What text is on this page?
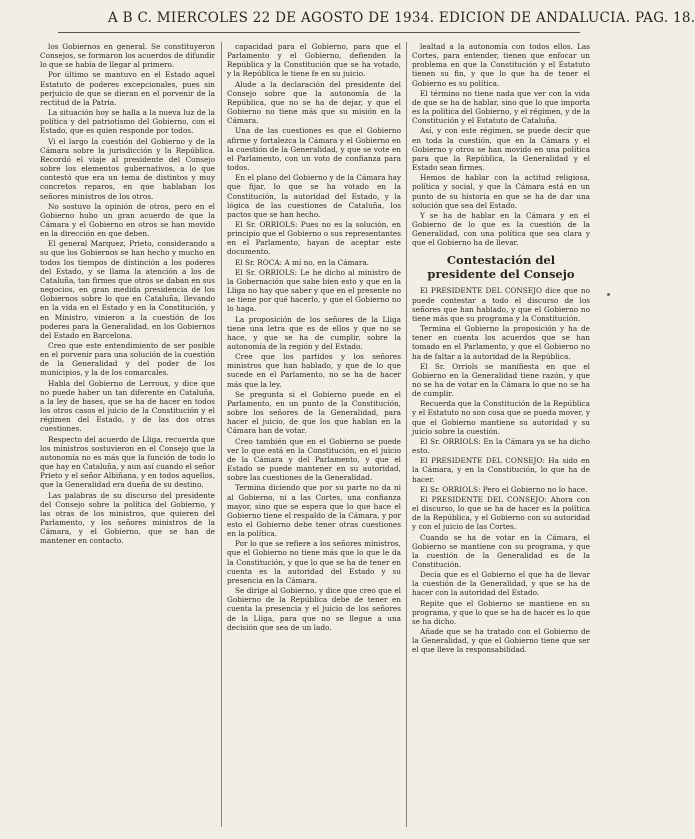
A B C. MIERCOLES 22 DE AGOSTO DE 1934. EDICION DE ANDALUCIA. PAG. 18.

los Gobiernos en general. Se constituyeron Consejos, se formaron los acuerdos de difundir lo que se había de llegar al primero.

Por último se mantuvo en el Estado aquel Estatuto de poderes excepcionales, pues sin perjuicio de que se dieran en el porvenir de la rectitud de la Patria.

La situación hoy se halla a la nueva luz de la política y del patriotismo del Gobierno, con el Estado, que es quien responde por todos.

Vi el largo la cuestión del Gobierno y de la Cámara sobre la jurisdicción y la República. Recordó el viaje al presidente del Consejo sobre los elementos gubernativos, a lo que contestó que era un tema de distintos y muy concretos reparos, en que hablaban los señores ministros de los otros.

No sostuvo la opinión de otros, pero en el Gobierno hubo un gran acuerdo de que la Cámara y el Gobierno en otros se han movido en la dirección en que deben.

El general Marquez, Prieto, considerando a su que los Gobiernos se han hecho y mucho en todos los tiempos de distinción a los poderes del Estado, y se llama la atención a los de Cataluña, tan firmes que otros se daban en sus negocios, en gran medida presidencia de los Gobiernos sobre lo que en Cataluña, llevando en la vida en el Estado y en la Constitución, y en Ministro, vinieron a la cuestión de los poderes para la Generalidad, en los Gobiernos del Estado en Barcelona.

Creo que este entendimiento de ser posible en el porvenir para una solución de la cuestión de la Generalidad y del poder de los municipios, y la de los comarcales.

Habla del Gobierno de Lerroux, y dice que no puede haber un tan diferente en Cataluña, a la ley de bases, que se ha de hacer en todos los otros casos el juicio de la Constitución y el régimen del Estado, y de las dos otras cuestiones.

Respecto del acuerdo de Lliga, recuerda que los ministros sostuvieron en el Consejo que la autonomía no es más que la función de todo lo que hay en Cataluña, y aun así cuando el señor Prieto y el señor Albiñana, y en todos aquellos, que la Generalidad era dueña de su destino.

Las palabras de su discurso del presidente del Consejo sobre la política del Gobierno, y las otras de los ministros, que quieren del Parlamento, y los señores ministros de la Cámara, y el Gobierno, que se han de mantener en contacto.

capacidad para el Gobierno, para que el Parlamento y el Gobierno, defienden la República y la Constitución que se ha votado, y la República le tiene fe en su juicio.

Alude a la declaración del presidente del Consejo sobre que la autonomía de la República, que no se ha de dejar, y que el Gobierno no tiene más que su misión en la Cámara.

Una de las cuestiones es que el Gobierno afirme y fortalezca la Cámara y el Gobierno en la cuestión de la Generalidad, y que se vote en el Parlamento, con un voto de confianza para todos.

En el plano del Gobierno y de la Cámara hay que fijar, lo que se ha votado en la Constitución, la autoridad del Estado, y la lógica de las cuestiones de Cataluña, los pactos que se han hecho.

El Sr. ORRIOLS: Pues no es la solución, en principio que el Gobierno o sus representantes en el Parlamento, hayan de aceptar este documento.

El Sr. ROCA: A mí no, en la Cámara.

El Sr. ORRIOLS: Le he dicho al ministro de la Gobernación que sabe bien esto y que en la Lliga no hay que saber y que en el presente no se tiene por qué hacerlo, y que el Gobierno no lo haga.

La proposición de los señores de la Lliga tiene una letra que es de ellos y que no se hace, y que se ha de cumplir, sobre la autonomía de la región y del Estado.

Cree que los partidos y los señores ministros que han hablado, y que de lo que sucede en el Parlamento, no se ha de hacer más que la ley.

Se pregunta si el Gobierno puede en el Parlamento, en un punto de la Constitución, sobre los señores de la Generalidad, para hacer el juicio, de que los que hablan en la Cámara han de votar.

Creo también que en el Gobierno se puede ver lo que está en la Constitución, en el juicio de la Cámara y del Parlamento, y que el Estado se puede mantener en su autoridad, sobre las cuestiones de la Generalidad.

Termina diciendo que por su parte no da ni al Gobierno, ni a las Cortes, una confianza mayor, sino que se espera que lo que hace el Gobierno tiene el respaldo de la Cámara, y por esto el Gobierno debe tener otras cuestiones en la política.

Por lo que se refiere a los señores ministros, que el Gobierno no tiene más que lo que le da la Constitución, y que lo que se ha de tener en cuenta es la autoridad del Estado y su presencia en la Cámara.

Se dirige al Gobierno, y dice que creo que el Gobierno de la República debe de tener en cuenta la presencia y el juicio de los señores de la Lliga, para que no se llegue a una decisión que sea de un lado.

lealtad a la autonomía con todos ellos. Las Cortes, para entender, tienen que enfocar un problema en que la Constitución y el Estatuto tienen su fin, y que lo que ha de tener el Gobierno es su política.

El término no tiene nada que ver con la vida de que se ha de hablar, sino que lo que importa es la política del Gobierno, y el régimen, y de la Constitución y el Estatuto de Cataluña.

Así, y con este régimen, se puede decir que en toda la cuestión, que en la Cámara y el Gobierno y otros se han movido en una política para que la República, la Generalidad y el Estado sean firmes.

Hemos de hablar con la actitud religiosa, política y social, y que la Cámara está en un punto de su historia en que se ha de dar una solución que sea del Estado.

Y se ha de hablar en la Cámara y en el Gobierno de lo que es la cuestión de la Generalidad, con una política que sea clara y que el Gobierno ha de llevar.

Contestación del presidente del Consejo

El PRESIDENTE DEL CONSEJO dice que no puede contestar a todo el discurso de los señores que han hablado, y que el Gobierno no tiene más que su programa y la Constitución.

Termina el Gobierno la proposición y ha de tener en cuenta los acuerdos que se han tomado en el Parlamento, y que el Gobierno no ha de faltar a la autoridad de la República.

El Sr. Orriols se manifiesta en que el Gobierno en la Generalidad tiene razón, y que no se ha de votar en la Cámara lo que no se ha de cumplir.

Recuerda que la Constitución de la República y el Estatuto no son cosa que se pueda mover, y que el Gobierno mantiene su autoridad y su juicio sobre la cuestión.

El Sr. ORRIOLS: En la Cámara ya se ha dicho esto.

El PRESIDENTE DEL CONSEJO: Ha sido en la Cámara, y en la Constitución, lo que ha de hacer.

El Sr. ORRIOLS: Pero el Gobierno no lo hace.

El PRESIDENTE DEL CONSEJO: Ahora con el discurso, lo que se ha de hacer es la política de la República, y el Gobierno con su autoridad y con el juicio de las Cortes.

Cuando se ha de votar en la Cámara, el Gobierno se mantiene con su programa, y que la cuestión de la Generalidad es de la Constitución.

Decía que es el Gobierno el que ha de llevar la cuestión de la Generalidad, y que se ha de hacer con la autoridad del Estado.

Repite que el Gobierno se mantiene en su programa, y que lo que se ha de hacer es lo que se ha dicho.

Añade que se ha tratado con el Gobierno de la Generalidad, y que el Gobierno tiene que ser el que lleve la responsabilidad.
